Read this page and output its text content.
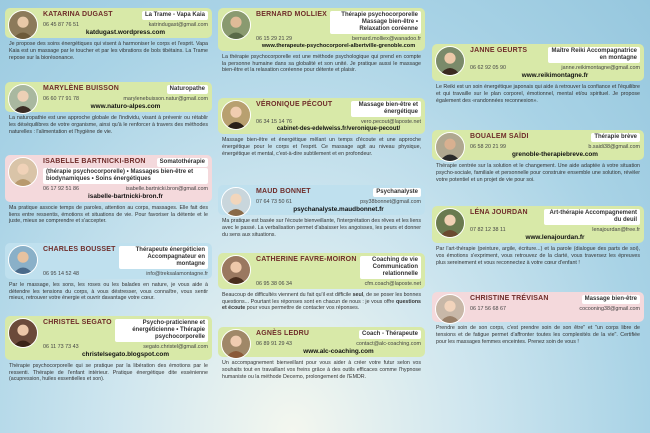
KATARINA DUGAST	La Trame - Vapa Kaia
06 45 87 76 51	katrindugast@gmail.com
katdugast.wordpress.com
Je propose des soins énergétiques qui visent à harmoniser le corps et l'esprit. Vapa Kaia est un massage par le toucher et par les vibrations de bols tibétains. La Trame repose sur la biorésonance.
MARYLÈNE BUISSON	Naturopathe
06 60 77 91 78	marylenebuisson.natur@gmail.com
www.naturo-alpes.com
La naturopathie est une approche globale de l'individu, visant à prévenir ou rétablir les déséquilibres de votre organisme, ainsi qu'à le renforcer à travers des méthodes naturelles : l'alimentation et l'hygiène de vie.
ISABELLE BARTNICKI-BRON	Somatothérapie
(thérapie psychocorporelle) • Massages bien-être et biodynamiques • Soins énergétiques
06 17 92 51 86	isabelle.bartnicki.bron@gmail.com
isabelle-bartnicki-bron.fr
Ma pratique associe temps de paroles, attention au corps, massages. Elle fait des liens entre ressentis, émotions et situations de vie. Pour favoriser la détente et le juste, mieux se comprendre et s'accepter.
CHARLES BOUSSET	Thérapeute énergéticien Accompagnateur en montagne
06 95 14 52 48	info@treksalamontagne.fr
Par le massage, les sons, les roses ou les balades en nature, je vous aide à détendre les tensions du corps, à vous déstresser, vous connaître, vous sentir mieux, retrouver votre énergie et ouvrir davantage votre cœur.
CHRISTEL SEGATO	Psycho-praticienne et énergéticienne • Thérapie psychocorporelle
06 11 73 73 43	segato.christel@gmail.com
christelsegato.blogspot.com
Thérapie psychocorporelle qui se pratique par la libération des émotions par le ressenti. Thérapie de l'enfant intérieur. Pratique énergétique dite essénienne (acupression, huiles essentielles et son).
BERNARD MOLLIEX	Thérapie psychocorporelle Massage bien-être • Relaxation coréenne
06 15 29 21 29	bernard.molliex@wanadoo.fr
www.therapeute-psychocorporel-albertville-grenoble.com
La thérapie psychocorporelle est une méthode psychologique qui prend en compte la personne humaine dans sa globalité et son unité. Je pratique aussi le massage bien-être et la relaxation coréenne pour détente et plaisir.
VÉRONIQUE PÉCOUT	Massage bien-être et énergétique
06 34 15 14 76	vero.pecout@laposte.net
cabinet-des-edelweiss.fr/veronique-pecout/
Massage bien-être et énergétique mêlant un temps d'écoute et une approche énergétique pour le corps et l'esprit. Ce massage agit au niveau physique, énergétique et mental, c'est-à-dire subtilement et en profondeur.
MAUD BONNET	Psychanalyste
07 64 73 50 61	psy38bonnet@gmail.com
psychanalyste.maudbonnet.fr
Ma pratique est basée sur l'écoute bienveillante, l'interprétation des rêves et les liens avec le passé. La verbalisation permet d'abaisser les angoisses, les peurs et donner du sens aux situations.
CATHERINE FAVRE-MOIRON	Coaching de vie Communication relationnelle
06 95 38 06 34	cfm.coach@laposte.net
Beaucoup de difficultés viennent du fait qu'il est difficile seul, de se poser les bonnes questions... Pourtant les réponses sont en chacun de nous : je vous offre questions et écoute pour vous permettre de contacter vos réponses.
AGNÈS LEDRU	Coach - Thérapeute
06 89 91 29 43	contact@alc-coaching.com
www.alc-coaching.com
Un accompagnement bienveillant pour vous aider à créer votre futur selon vos souhaits tout en travaillant vos freins grâce à des outils efficaces comme l'hypnose humaniste ou la méthode Decemo, prolongement de l'EMDR.
JANNE GEURTS	Maître Reiki Accompagnatrice en montagne
06 62 92 05 90	janne.reikimontagne@gmail.com
www.reikimontagne.fr
Le Reiki est un soin énergétique japonais qui aide à retrouver la confiance et l'équilibre et qui travaille sur le plan corporel, émotionnel, mental et/ou spirituel. Je propose également des «randonnées reconnexion».
BOUALEM SAÏDI	Thérapie brève
06 58 20 21 99	b.saidi38@gmail.com
grenoble-therapiebreve.com
Thérapie centrée sur la solution et le changement. Une aide adaptée à votre situation psycho-sociale, familiale et personnelle pour construire ensemble une solution, révéler votre potentiel et un projet de vie pour soi.
LÉNA JOURDAN	Art-thérapie Accompagnement du deuil
07 82 12 38 11	lenajourdan@free.fr
www.lenajourdan.fr
Par l'art-thérapie (peinture, argile, écriture...) et la parole (dialogue des parts de soi), vos émotions s'expriment, vous retrouvez de la clarté, vous traversez les épreuves plus sereinement et vous reconnectez à votre cœur d'enfant !
CHRISTINE TRÉVISAN	Massage bien-être
06 17 56 68 67	cocooning38@gmail.com
Prendre soin de son corps, c'est prendre soin de son être" et "un corps libre de tensions et de fatigue permet d'affronter toutes les complexités de la vie". Certifiée pour les massages femmes enceintes. Prenez soin de vous !
